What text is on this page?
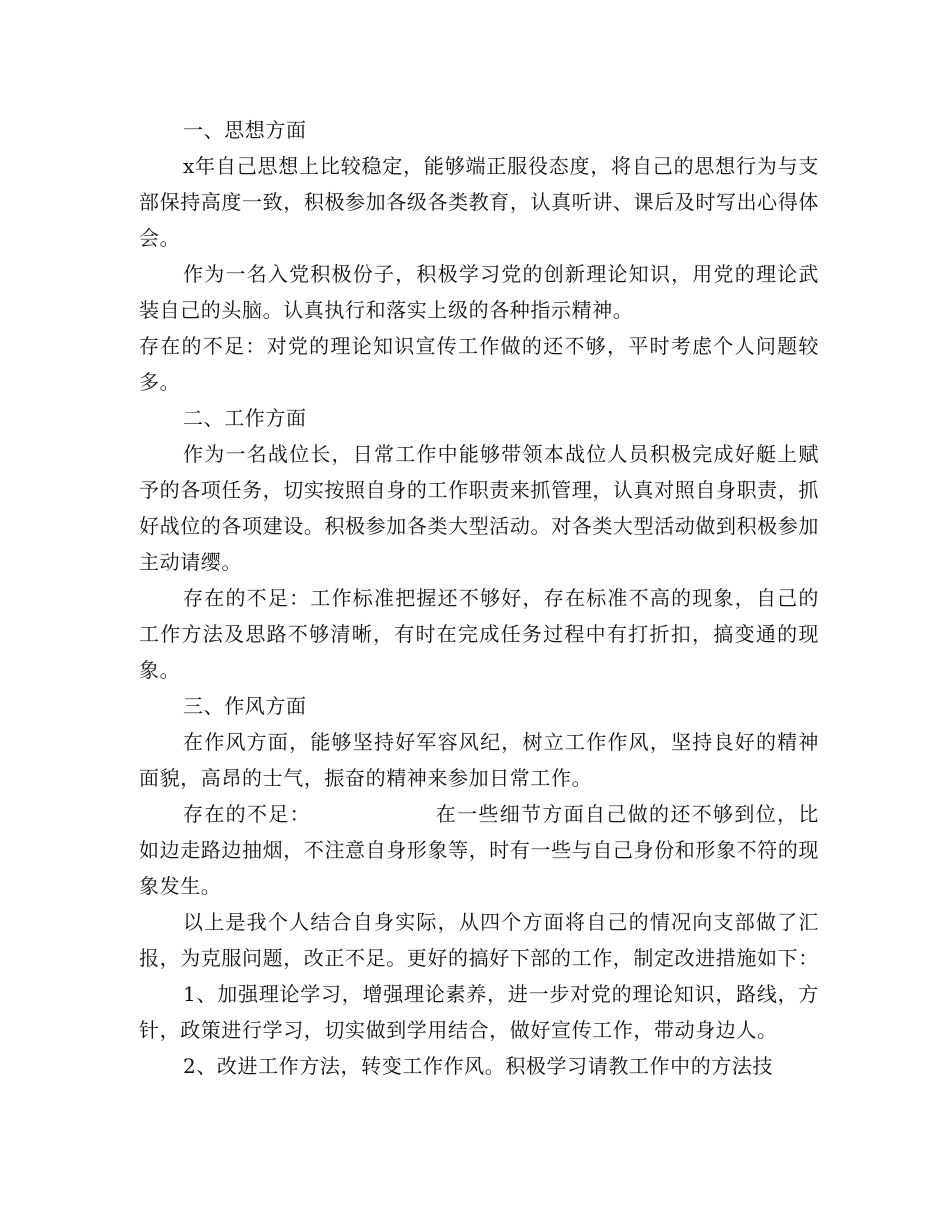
一、思想方面

x年自己思想上比较稳定，能够端正服役态度，将自己的思想行为与支部保持高度一致，积极参加各级各类教育，认真听讲、课后及时写出心得体会。

作为一名入党积极份子，积极学习党的创新理论知识，用党的理论武装自己的头脑。认真执行和落实上级的各种指示精神。

存在的不足：对党的理论知识宣传工作做的还不够，平时考虑个人问题较多。

二、工作方面

作为一名战位长，日常工作中能够带领本战位人员积极完成好艇上赋予的各项任务，切实按照自身的工作职责来抓管理，认真对照自身职责，抓好战位的各项建设。积极参加各类大型活动。对各类大型活动做到积极参加主动请缨。

存在的不足：工作标准把握还不够好，存在标准不高的现象，自己的工作方法及思路不够清晰，有时在完成任务过程中有打折扣，搞变通的现象。

三、作风方面

在作风方面，能够坚持好军容风纪，树立工作作风，坚持良好的精神面貌，高昂的士气，振奋的精神来参加日常工作。

存在的不足：	在一些细节方面自己做的还不够到位，比如边走路边抽烟，不注意自身形象等，时有一些与自己身份和形象不符的现象发生。

以上是我个人结合自身实际，从四个方面将自己的情况向支部做了汇报，为克服问题，改正不足。更好的搞好下部的工作，制定改进措施如下：

1、加强理论学习，增强理论素养，进一步对党的理论知识，路线，方针，政策进行学习，切实做到学用结合，做好宣传工作，带动身边人。

2、改进工作方法，转变工作作风。积极学习请教工作中的方法技
